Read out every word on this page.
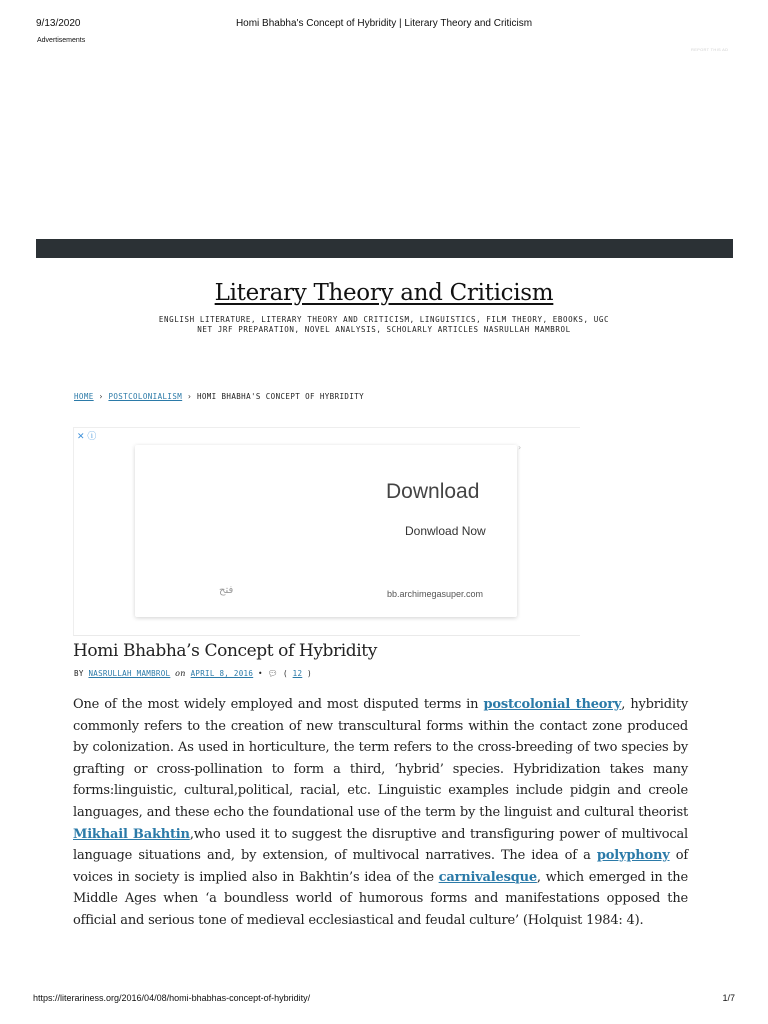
9/13/2020	Homi Bhabha's Concept of Hybridity | Literary Theory and Criticism
Advertisements
REPORT THIS AD
Literary Theory and Criticism
ENGLISH LITERATURE, LITERARY THEORY AND CRITICISM, LINGUISTICS, FILM THEORY, EBOOKS, UGC
NET JRF PREPARATION, NOVEL ANALYSIS, SCHOLARLY ARTICLES NASRULLAH MAMBROL
HOME › POSTCOLONIALISM › HOMI BHABHA'S CONCEPT OF HYBRIDITY
✕ ⓘ
›
Download
Donwload Now
فتح	bb.archimegasuper.com
Homi Bhabha’s Concept of Hybridity
BY NASRULLAH MAMBROL on APRIL 8, 2016 • 💬︎ ( 12 )
One of the most widely employed and most disputed terms in postcolonial theory, hybridity commonly refers to the creation of new transcultural forms within the contact zone produced by colonization. As used in horticulture, the term refers to the cross-breeding of two species by grafting or cross-pollination to form a third, ‘hybrid’ species. Hybridization takes many forms:linguistic, cultural,political, racial, etc. Linguistic examples include pidgin and creole languages, and these echo the foundational use of the term by the linguist and cultural theorist Mikhail Bakhtin,who used it to suggest the disruptive and transfiguring power of multivocal language situations and, by extension, of multivocal narratives. The idea of a polyphony of voices in society is implied also in Bakhtin’s idea of the carnivalesque, which emerged in the Middle Ages when ‘a boundless world of humorous forms and manifestations opposed the official and serious tone of medieval ecclesiastical and feudal culture’ (Holquist 1984: 4).
https://literariness.org/2016/04/08/homi-bhabhas-concept-of-hybridity/	1/7
